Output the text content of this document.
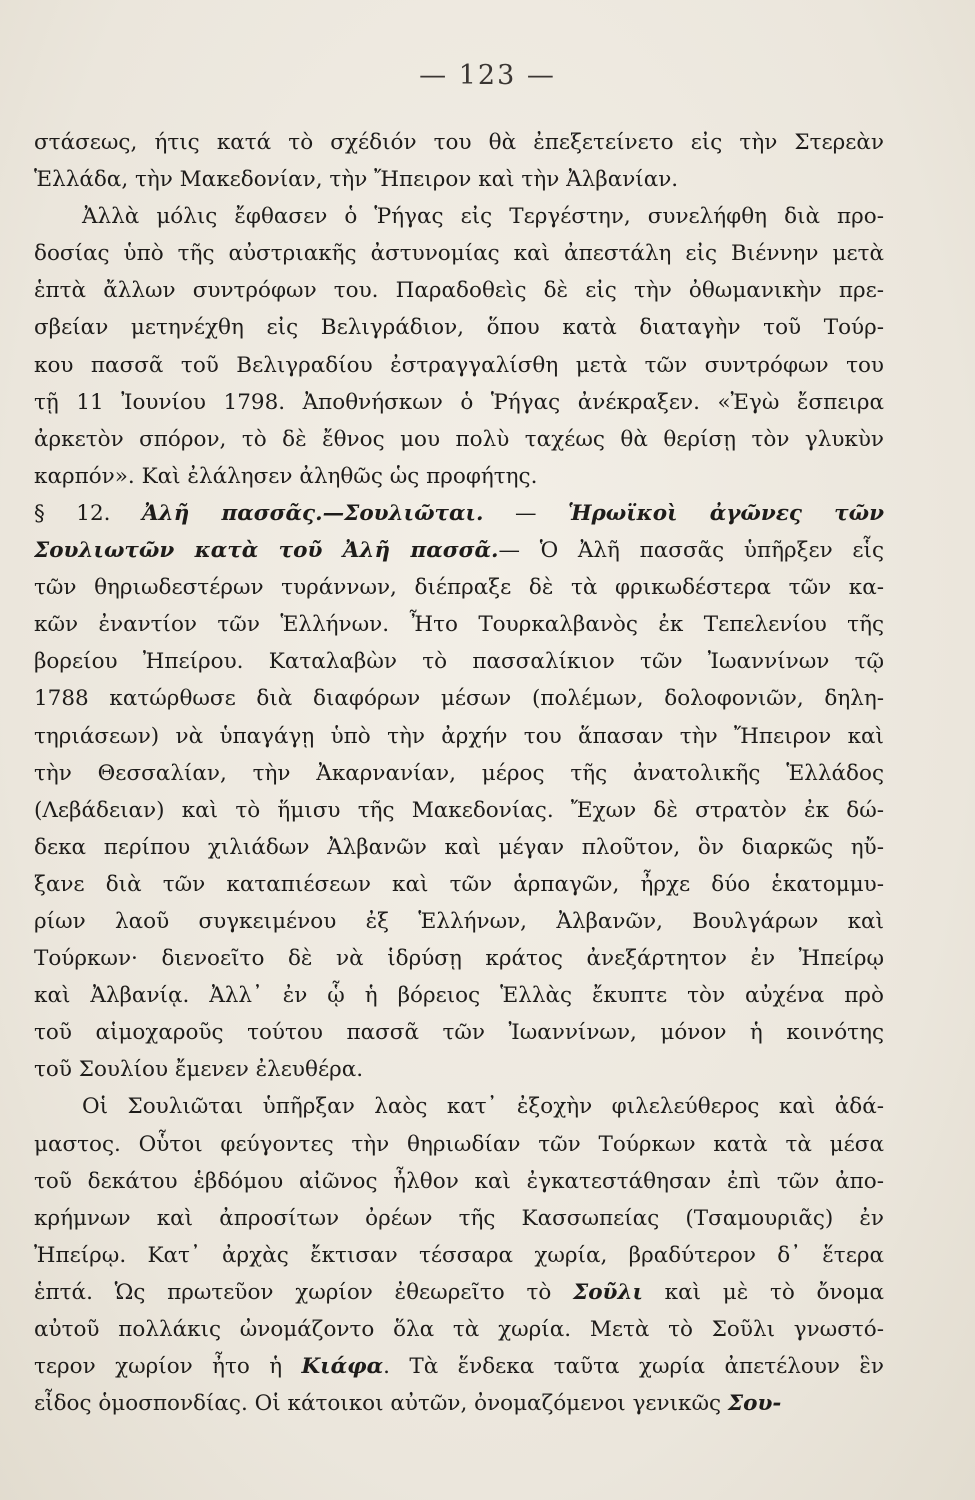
— 123 —
στάσεως, ήτις κατά τὸ σχέδιόν του θὰ ἐπεξετείνετο εἰς τὴν Στερεὰν
Ἑλλάδα, τὴν Μακεδονίαν, τὴν Ἤπειρον καὶ τὴν Ἀλβανίαν.
Ἀλλὰ μόλις ἔφθασεν ὁ Ῥήγας εἰς Τεργέστην, συνελήφθη διὰ προ-
δοσίας ὑπὸ τῆς αὐστριακῆς ἀστυνομίας καὶ ἀπεστάλη εἰς Βιέννην μετὰ
ἑπτὰ ἄλλων συντρόφων του. Παραδοθεὶς δὲ εἰς τὴν ὀθωμανικὴν πρε-
σβείαν μετηνέχθη εἰς Βελιγράδιον, ὅπου κατὰ διαταγὴν τοῦ Τούρ-
κου πασσᾶ τοῦ Βελιγραδίου ἐστραγγαλίσθη μετὰ τῶν συντρόφων του
τῇ 11 Ἰουνίου 1798. Ἀποθνήσκων ὁ Ῥήγας ἀνέκραξεν. «Ἐγὼ ἔσπειρα
ἀρκετὸν σπόρον, τὸ δὲ ἔθνος μου πολὺ ταχέως θὰ θερίσῃ τὸν γλυκὺν
καρπόν». Καὶ ἐλάλησεν ἀληθῶς ὡς προφήτης.
§ 12. Ἀλῆ πασσᾶς.—Σουλιῶται. — Ἡρωϊκοὶ ἀγῶνες τῶν
Σουλιωτῶν κατὰ τοῦ Ἀλῆ πασσᾶ.— Ὁ Ἀλῆ πασσᾶς ὑπῆρξεν εἷς
τῶν θηριωδεστέρων τυράννων, διέπραξε δὲ τὰ φρικωδέστερα τῶν κα-
κῶν ἐναντίον τῶν Ἑλλήνων. Ἦτο Τουρκαλβανὸς ἐκ Τεπελενίου τῆς
βορείου Ἠπείρου. Καταλαβὼν τὸ πασσαλίκιον τῶν Ἰωαννίνων τῷ
1788 κατώρθωσε διὰ διαφόρων μέσων (πολέμων, δολοφονιῶν, δηλη-
τηριάσεων) νὰ ὑπαγάγῃ ὑπὸ τὴν ἀρχήν του ἅπασαν τὴν Ἤπειρον καὶ
τὴν Θεσσαλίαν, τὴν Ἀκαρνανίαν, μέρος τῆς ἀνατολικῆς Ἑλλάδος
(Λεβάδειαν) καὶ τὸ ἥμισυ τῆς Μακεδονίας. Ἔχων δὲ στρατὸν ἐκ δώ-
δεκα περίπου χιλιάδων Ἀλβανῶν καὶ μέγαν πλοῦτον, ὃν διαρκῶς ηὔ-
ξανε διὰ τῶν καταπιέσεων καὶ τῶν ἁρπαγῶν, ἦρχε δύο ἑκατομμυ-
ρίων λαοῦ συγκειμένου ἐξ Ἑλλήνων, Ἀλβανῶν, Βουλγάρων καὶ
Τούρκων· διενοεῖτο δὲ νὰ ἱδρύσῃ κράτος ἀνεξάρτητον ἐν Ἠπείρῳ
καὶ Ἀλβανίᾳ. Ἀλλ᾿ ἐν ᾧ ἡ βόρειος Ἑλλὰς ἔκυπτε τὸν αὐχένα πρὸ
τοῦ αἱμοχαροῦς τούτου πασσᾶ τῶν Ἰωαννίνων, μόνον ἡ κοινότης
τοῦ Σουλίου ἔμενεν ἐλευθέρα.
Οἱ Σουλιῶται ὑπῆρξαν λαὸς κατ᾿ ἐξοχὴν φιλελεύθερος καὶ ἀδά-
μαστος. Οὗτοι φεύγοντες τὴν θηριωδίαν τῶν Τούρκων κατὰ τὰ μέσα
τοῦ δεκάτου ἑβδόμου αἰῶνος ἦλθον καὶ ἐγκατεστάθησαν ἐπὶ τῶν ἀπο-
κρήμνων καὶ ἀπροσίτων ὀρέων τῆς Κασσωπείας (Τσαμουριᾶς) ἐν
Ἠπείρῳ. Κατ᾿ ἀρχὰς ἔκτισαν τέσσαρα χωρία, βραδύτερον δ᾿ ἕτερα
ἑπτά. Ὡς πρωτεῦον χωρίον ἐθεωρεῖτο τὸ Σοῦλι καὶ μὲ τὸ ὄνομα
αὐτοῦ πολλάκις ὠνομάζοντο ὅλα τὰ χωρία. Μετὰ τὸ Σοῦλι γνωστό-
τερον χωρίον ἦτο ἡ Κιάφα. Τὰ ἕνδεκα ταῦτα χωρία ἀπετέλουν ἓν
εἶδος ὁμοσπονδίας. Οἱ κάτοικοι αὐτῶν, ὀνομαζόμενοι γενικῶς Σου-
